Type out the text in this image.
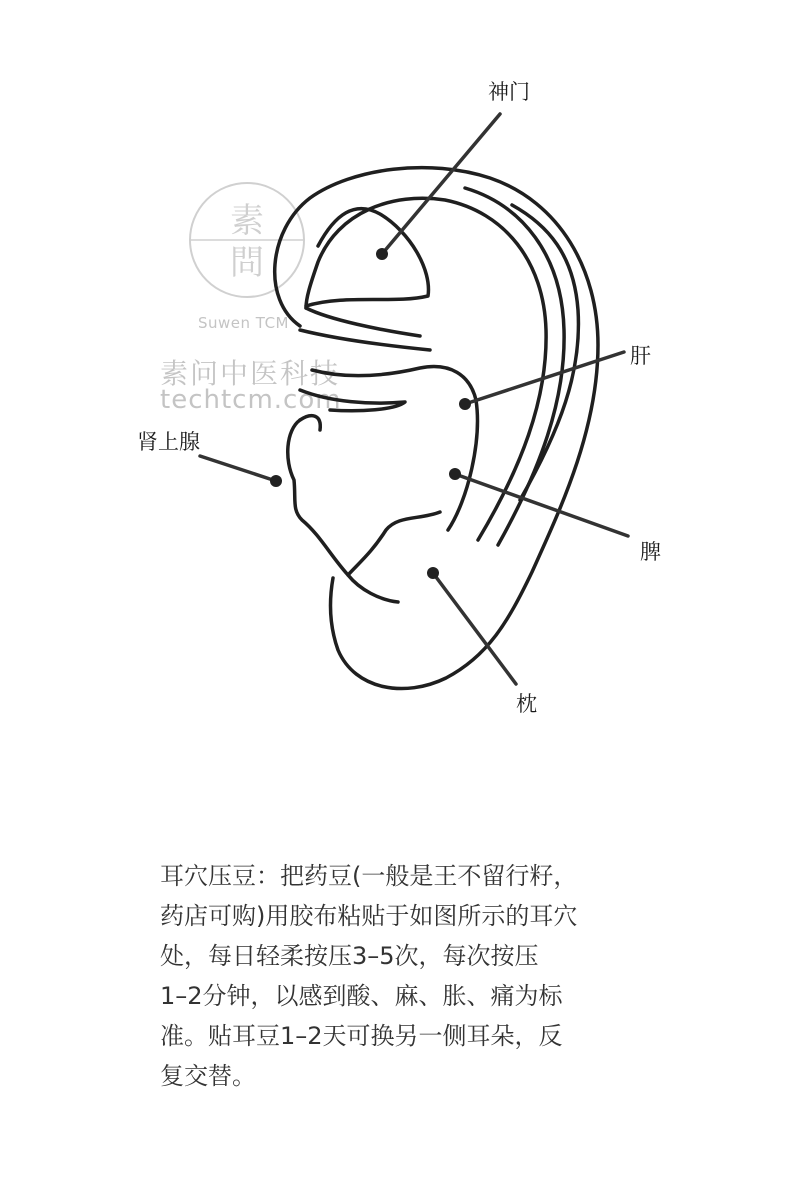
素
問
Suwen TCM
素问中医科技
techtcm.com
神门
肝
肾上腺
脾
枕
耳穴压豆：把药豆(一般是王不留行籽，
药店可购)用胶布粘贴于如图所示的耳穴
处，每日轻柔按压3–5次，每次按压
1–2分钟，以感到酸、麻、胀、痛为标
准。贴耳豆1–2天可换另一侧耳朵，反
复交替。
